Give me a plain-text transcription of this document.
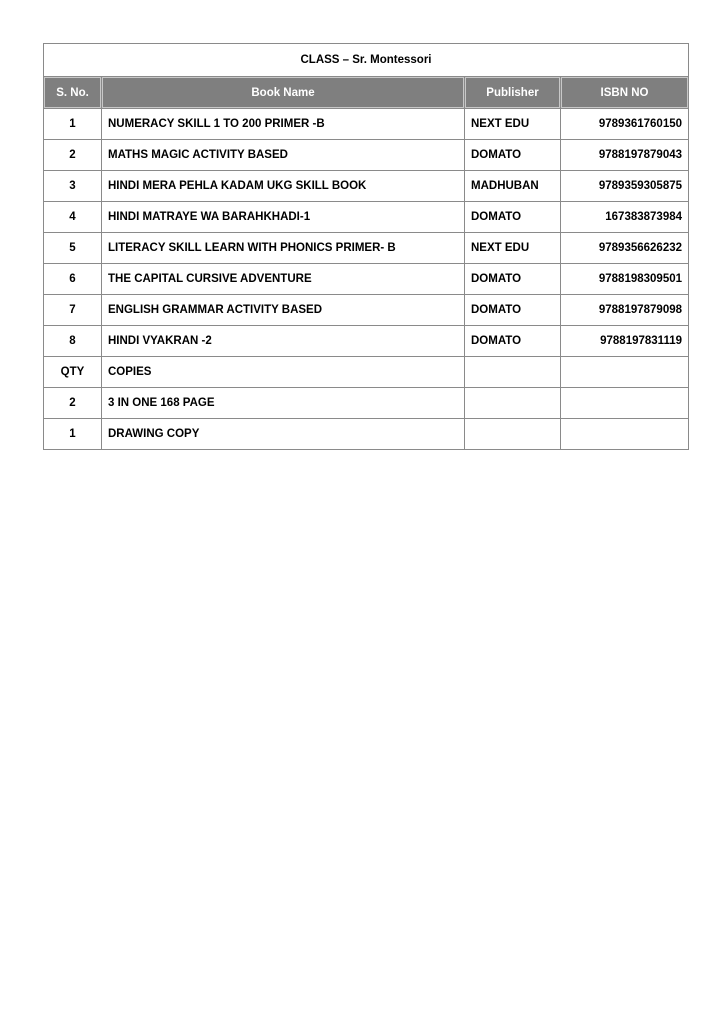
CLASS – Sr. Montessori			
S. No.	Book Name	Publisher	ISBN NO
1	NUMERACY SKILL 1 TO 200 PRIMER -B	NEXT EDU	9789361760150
2	MATHS MAGIC ACTIVITY BASED	DOMATO	9788197879043
3	HINDI MERA PEHLA KADAM UKG SKILL BOOK	MADHUBAN	9789359305875
4	HINDI MATRAYE WA BARAHKHADI-1	DOMATO	167383873984
5	LITERACY SKILL LEARN WITH PHONICS PRIMER- B	NEXT EDU	9789356626232
6	THE CAPITAL CURSIVE ADVENTURE	DOMATO	9788198309501
7	ENGLISH GRAMMAR ACTIVITY BASED	DOMATO	9788197879098
8	HINDI VYAKRAN -2	DOMATO	9788197831119
QTY	COPIES		
2	3 IN ONE 168 PAGE		
1	DRAWING COPY		
